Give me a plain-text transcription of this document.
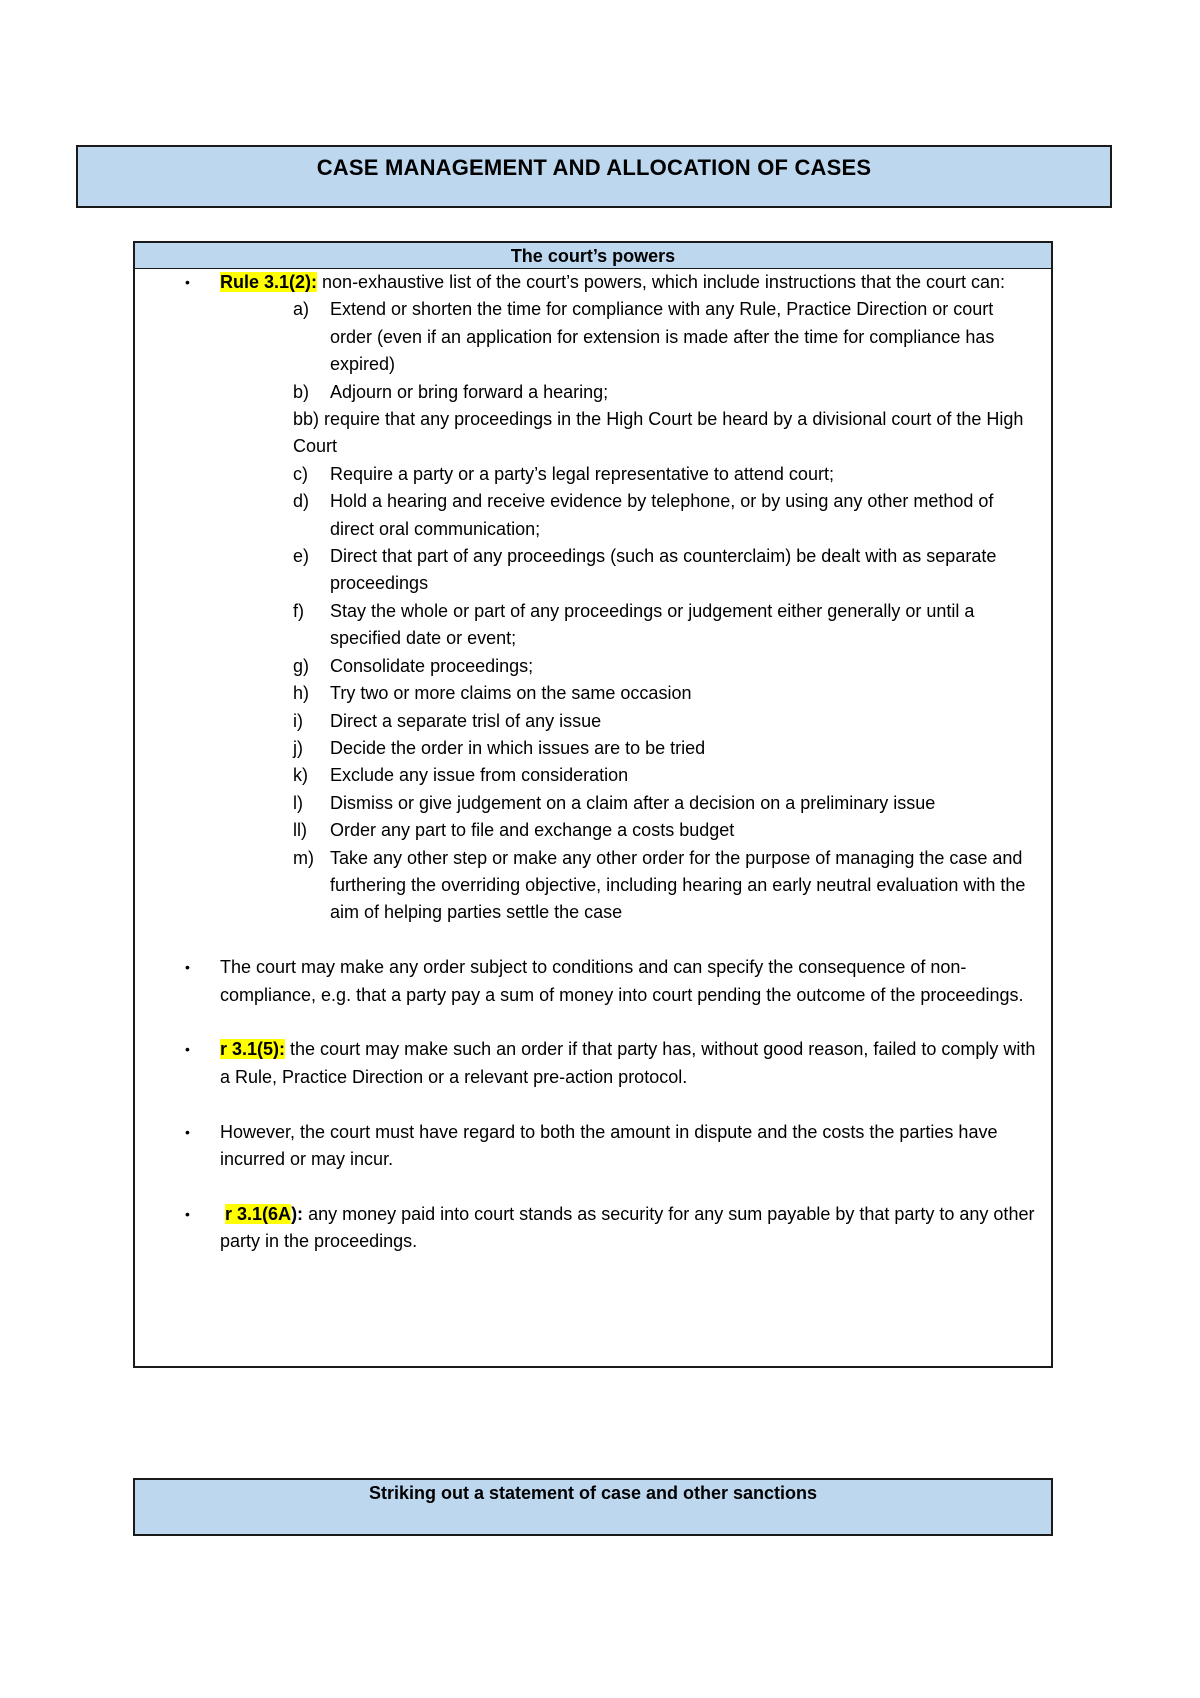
CASE MANAGEMENT AND ALLOCATION OF CASES
The court’s powers
• Rule 3.1(2): non-exhaustive list of the court’s powers, which include instructions that the court can:
a) Extend or shorten the time for compliance with any Rule, Practice Direction or court order (even if an application for extension is made after the time for compliance has expired)
b) Adjourn or bring forward a hearing;
bb) require that any proceedings in the High Court be heard by a divisional court of the High Court
c) Require a party or a party’s legal representative to attend court;
d) Hold a hearing and receive evidence by telephone, or by using any other method of direct oral communication;
e) Direct that part of any proceedings (such as counterclaim) be dealt with as separate proceedings
f) Stay the whole or part of any proceedings or judgement either generally or until a specified date or event;
g) Consolidate proceedings;
h) Try two or more claims on the same occasion
i) Direct a separate trisl of any issue
j) Decide the order in which issues are to be tried
k) Exclude any issue from consideration
l) Dismiss or give judgement on a claim after a decision on a preliminary issue
ll) Order any part to file and exchange a costs budget
m) Take any other step or make any other order for the purpose of managing the case and furthering the overriding objective, including hearing an early neutral evaluation with the aim of helping parties settle the case
• The court may make any order subject to conditions and can specify the consequence of non- compliance, e.g. that a party pay a sum of money into court pending the outcome of the proceedings.
• r 3.1(5): the court may make such an order if that party has, without good reason, failed to comply with a Rule, Practice Direction or a relevant pre-action protocol.
• However, the court must have regard to both the amount in dispute and the costs the parties have incurred or may incur.
• r 3.1(6A): any money paid into court stands as security for any sum payable by that party to any other party in the proceedings.
Striking out a statement of case and other sanctions
